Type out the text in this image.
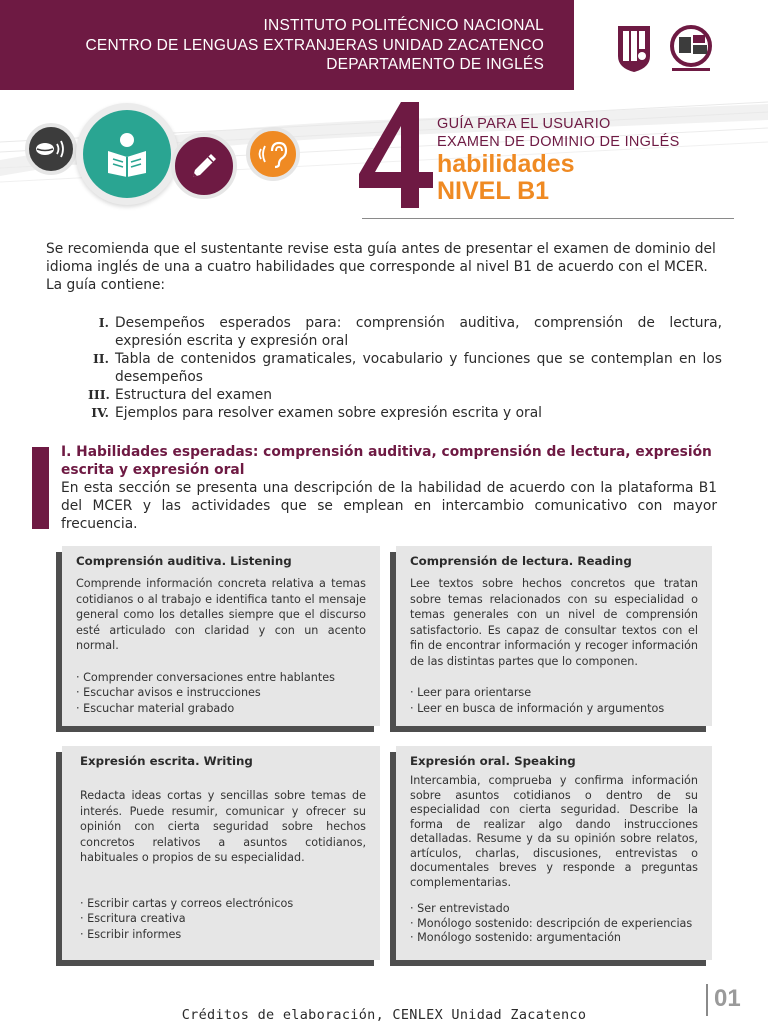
INSTITUTO POLITÉCNICO NACIONAL
CENTRO DE LENGUAS EXTRANJERAS UNIDAD ZACATENCO
DEPARTAMENTO DE INGLÉS
GUÍA PARA EL USUARIO
EXAMEN DE DOMINIO DE INGLÉS
habilidades
NIVEL B1

Se recomienda que el sustentante revise esta guía antes de presentar el examen de dominio del idioma inglés de una a cuatro habilidades que corresponde al nivel B1 de acuerdo con el MCER. La guía contiene:

I. Desempeños esperados para: comprensión auditiva, comprensión de lectura, expresión escrita y expresión oral
II. Tabla de contenidos gramaticales, vocabulario y funciones que se contemplan en los desempeños
III. Estructura del examen
IV. Ejemplos para resolver examen sobre expresión escrita y oral
I. Habilidades esperadas: comprensión auditiva, comprensión de lectura, expresión escrita y expresión oral

En esta sección se presenta una descripción de la habilidad de acuerdo con la plataforma B1 del MCER y las actividades que se emplean en intercambio comunicativo con mayor frecuencia.

Comprensión auditiva. Listening

Comprende información concreta relativa a temas cotidianos o al trabajo e identifica tanto el mensaje general como los detalles siempre que el discurso esté articulado con claridad y con un acento normal.

· Comprender conversaciones entre hablantes
· Escuchar avisos e instrucciones
· Escuchar material grabado
Comprensión de lectura. Reading

Lee textos sobre hechos concretos que tratan sobre temas relacionados con su especialidad o temas generales con un nivel de comprensión satisfactorio. Es capaz de consultar textos con el fin de encontrar información y recoger información de las distintas partes que lo componen.

· Leer para orientarse
· Leer en busca de información y argumentos
Expresión escrita. Writing

Redacta ideas cortas y sencillas sobre temas de interés. Puede resumir, comunicar y ofrecer su opinión con cierta seguridad sobre hechos concretos relativos a asuntos cotidianos, habituales o propios de su especialidad.

· Escribir cartas y correos electrónicos
· Escritura creativa
· Escribir informes
Expresión oral. Speaking

Intercambia, comprueba y confirma información sobre asuntos cotidianos o dentro de su especialidad con cierta seguridad. Describe la forma de realizar algo dando instrucciones detalladas. Resume y da su opinión sobre relatos, artículos, charlas, discusiones, entrevistas o documentales breves y responde a preguntas complementarias.

· Ser entrevistado
· Monólogo sostenido: descripción de experiencias
· Monólogo sostenido: argumentación
Créditos de elaboración, CENLEX Unidad Zacatenco
01
